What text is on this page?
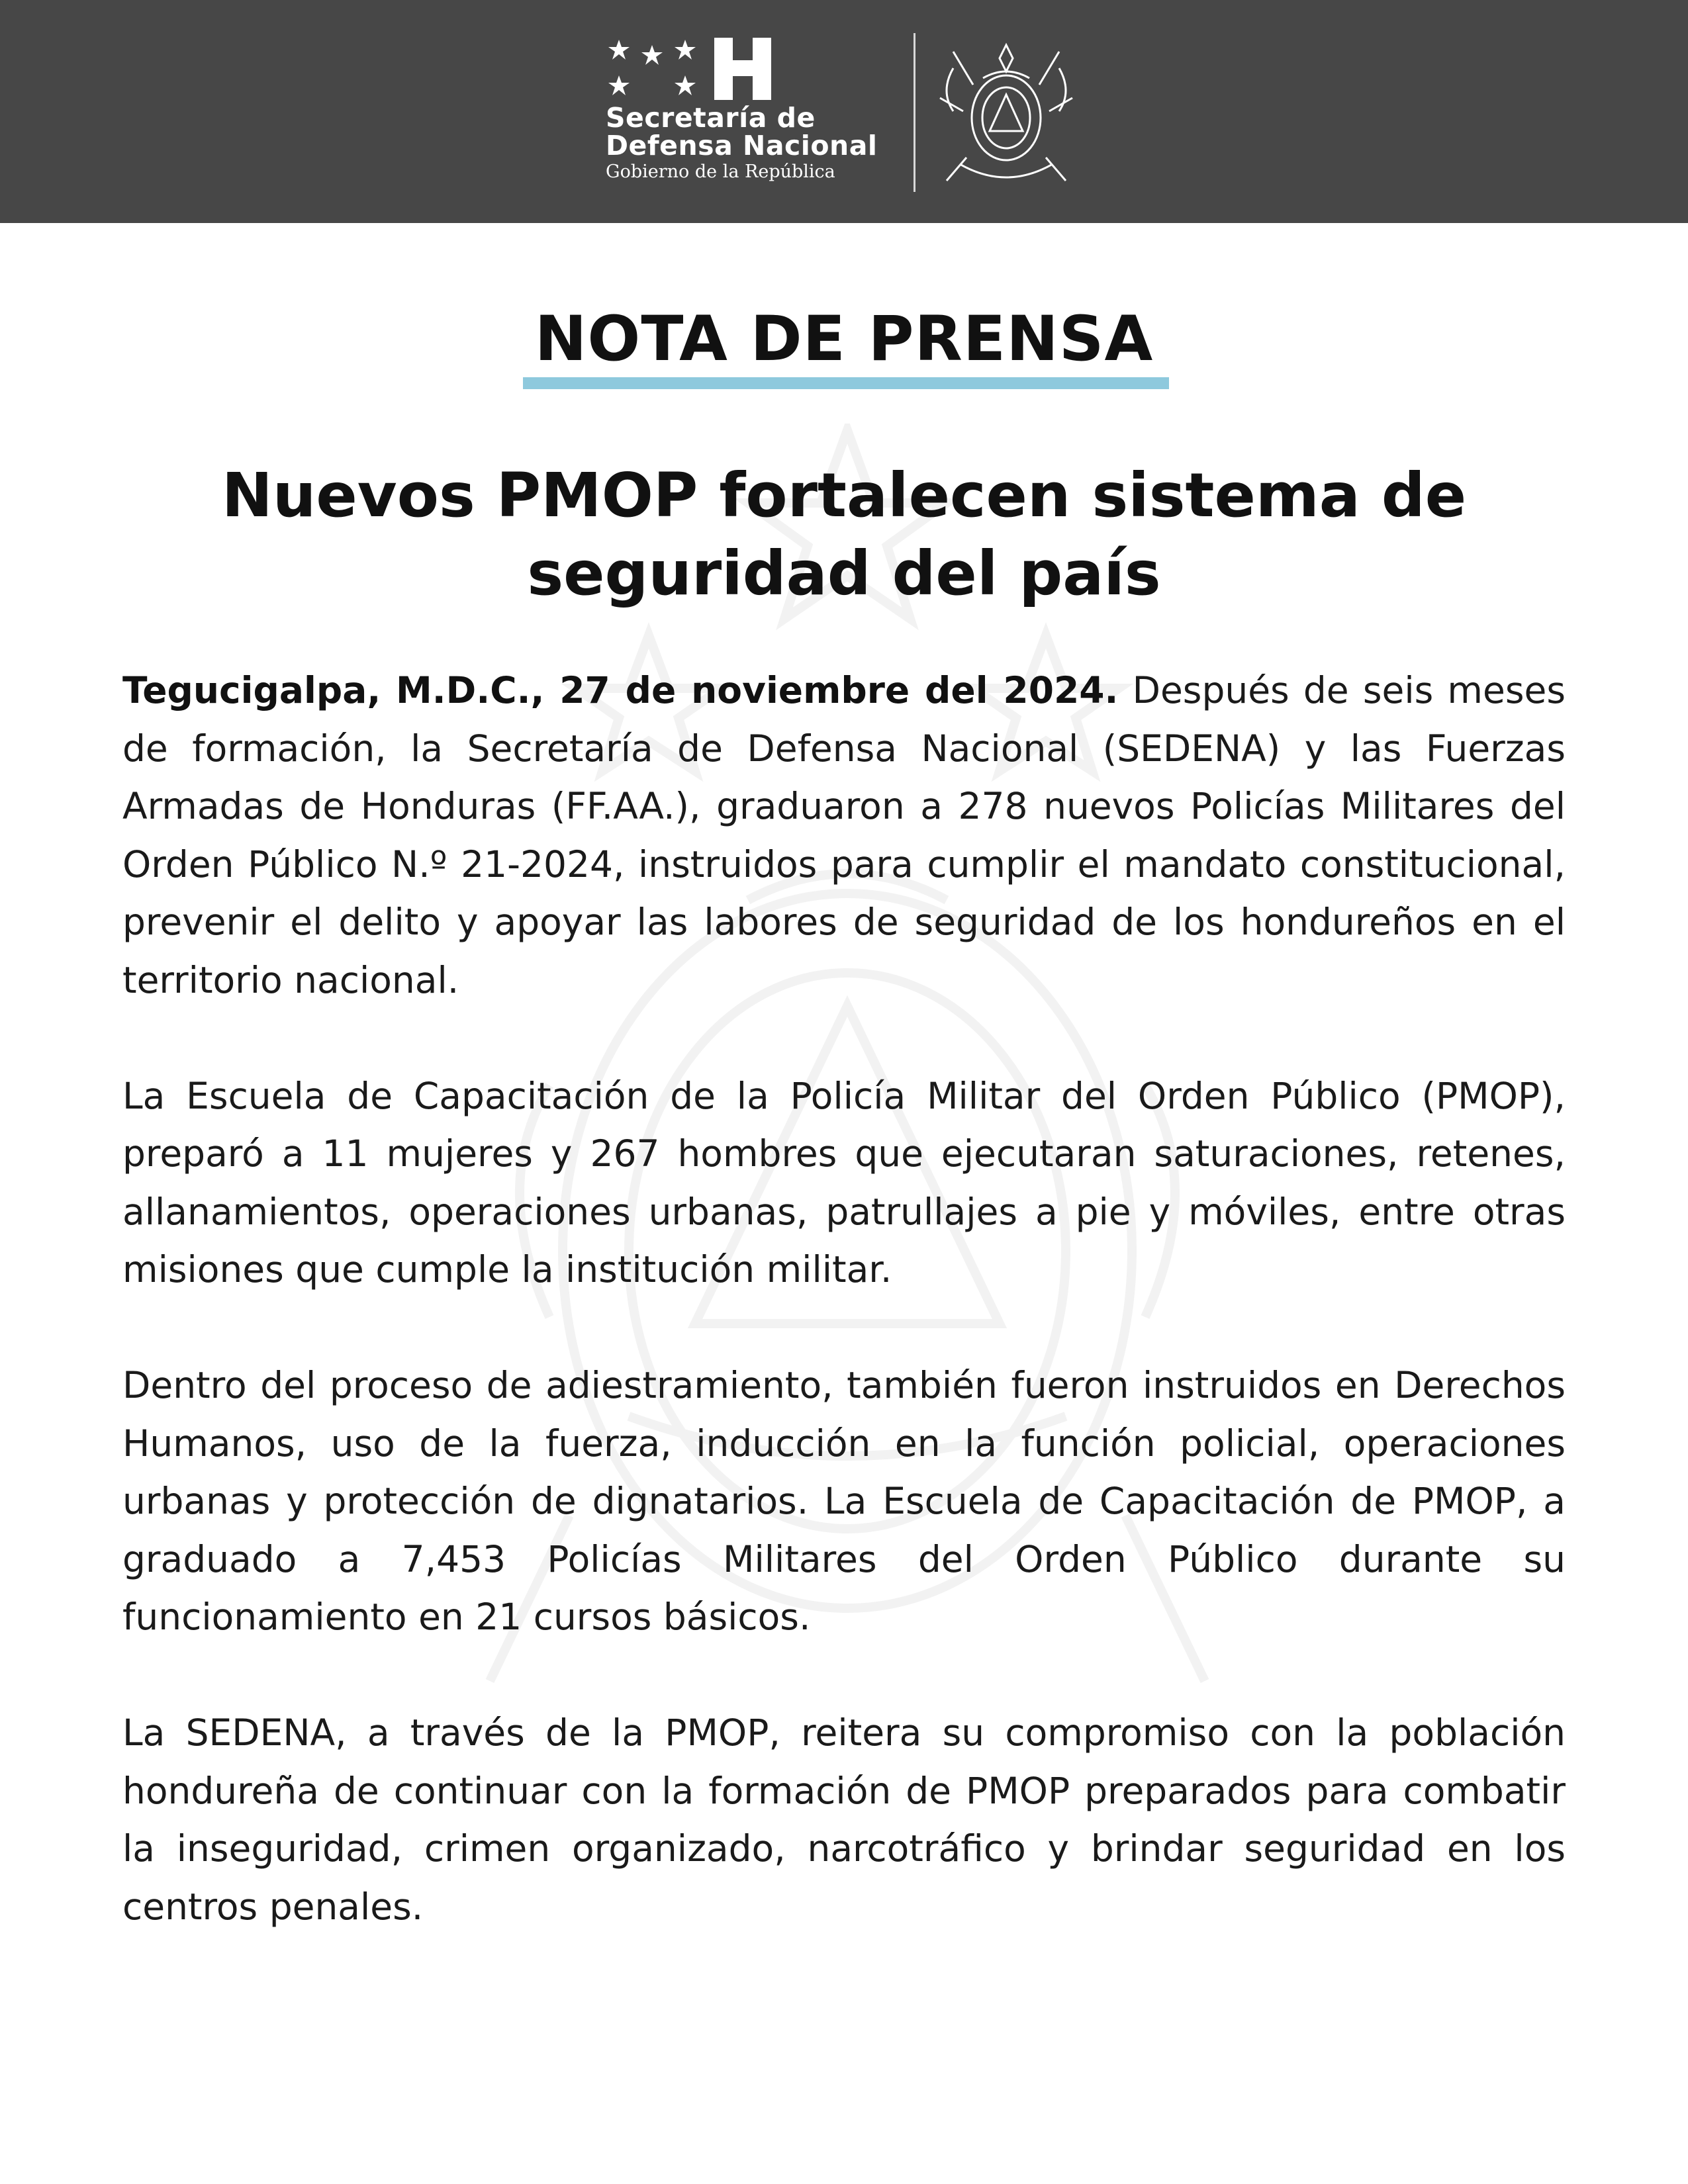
Secretaría de
Defensa Nacional
Gobierno de la República
NOTA DE PRENSA
Nuevos PMOP fortalecen sistema de
seguridad del país

Tegucigalpa, M.D.C., 27 de noviembre del 2024. Después de seis meses de formación, la Secretaría de Defensa Nacional (SEDENA) y las Fuerzas Armadas de Honduras (FF.AA.), graduaron a 278 nuevos Policías Militares del Orden Público N.º 21-2024, instruidos para cumplir el mandato constitucional, prevenir el delito y apoyar las labores de seguridad de los hondureños en el territorio nacional.

La Escuela de Capacitación de la Policía Militar del Orden Público (PMOP), preparó a 11 mujeres y 267 hombres que ejecutaran saturaciones, retenes, allanamientos, operaciones urbanas, patrullajes a pie y móviles, entre otras misiones que cumple la institución militar.

Dentro del proceso de adiestramiento, también fueron instruidos en Derechos Humanos, uso de la fuerza, inducción en la función policial, operaciones urbanas y protección de dignatarios. La Escuela de Capacitación de PMOP, a graduado a 7,453 Policías Militares del Orden Público durante su funcionamiento en 21 cursos básicos.

La SEDENA, a través de la PMOP, reitera su compromiso con la población hondureña de continuar con la formación de PMOP preparados para combatir la inseguridad, crimen organizado, narcotráfico y brindar seguridad en los centros penales.
